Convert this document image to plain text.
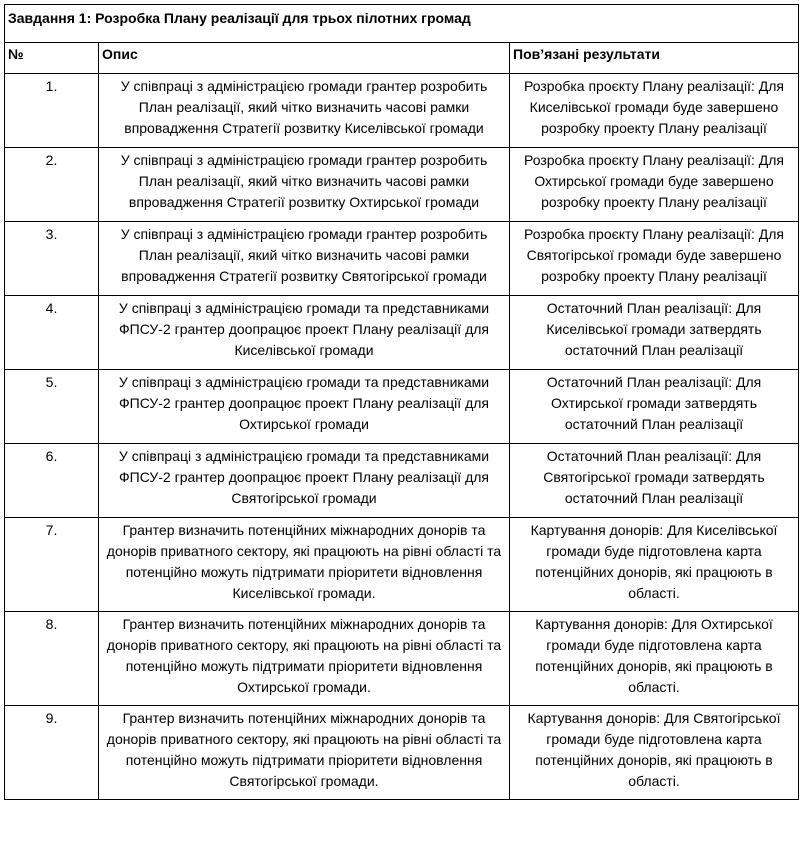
Завдання 1: Розробка Плану реалізації для трьох пілотних громад		
№	Опис	Пов’язані результати
1.	У співпраці з адміністрацією громади грантер розробить План реалізації, який чітко визначить часові рамки впровадження Стратегії розвитку Киселівської громади	Розробка проєкту Плану реалізації: Для Киселівської громади буде завершено розробку проекту Плану реалізації
2.	У співпраці з адміністрацією громади грантер розробить План реалізації, який чітко визначить часові рамки впровадження Стратегії розвитку Охтирської громади	Розробка проєкту Плану реалізації: Для Охтирської громади буде завершено розробку проекту Плану реалізації
3.	У співпраці з адміністрацією громади грантер розробить План реалізації, який чітко визначить часові рамки впровадження Стратегії розвитку Святогірської громади	Розробка проєкту Плану реалізації: Для Святогірської громади буде завершено розробку проекту Плану реалізації
4.	У співпраці з адміністрацією громади та представниками ФПСУ-2 грантер доопрацює проект Плану реалізації для Киселівської громади	Остаточний План реалізації: Для Киселівської громади затвердять остаточний План реалізації
5.	У співпраці з адміністрацією громади та представниками ФПСУ-2 грантер доопрацює проект Плану реалізації для Охтирської громади	Остаточний План реалізації: Для Охтирської громади затвердять остаточний План реалізації
6.	У співпраці з адміністрацією громади та представниками ФПСУ-2 грантер доопрацює проект Плану реалізації для Святогірської громади	Остаточний План реалізації: Для Святогірської громади затвердять остаточний План реалізації
7.	Грантер визначить потенційних міжнародних донорів та донорів приватного сектору, які працюють на рівні області та потенційно можуть підтримати пріоритети відновлення Киселівської громади.	Картування донорів: Для Киселівської громади буде підготовлена карта потенційних донорів, які працюють в області.
8.	Грантер визначить потенційних міжнародних донорів та донорів приватного сектору, які працюють на рівні області та потенційно можуть підтримати пріоритети відновлення Охтирської громади.	Картування донорів: Для Охтирської громади буде підготовлена карта потенційних донорів, які працюють в області.
9.	Грантер визначить потенційних міжнародних донорів та донорів приватного сектору, які працюють на рівні області та потенційно можуть підтримати пріоритети відновлення Святогірської громади.	Картування донорів: Для Святогірської громади буде підготовлена карта потенційних донорів, які працюють в області.
